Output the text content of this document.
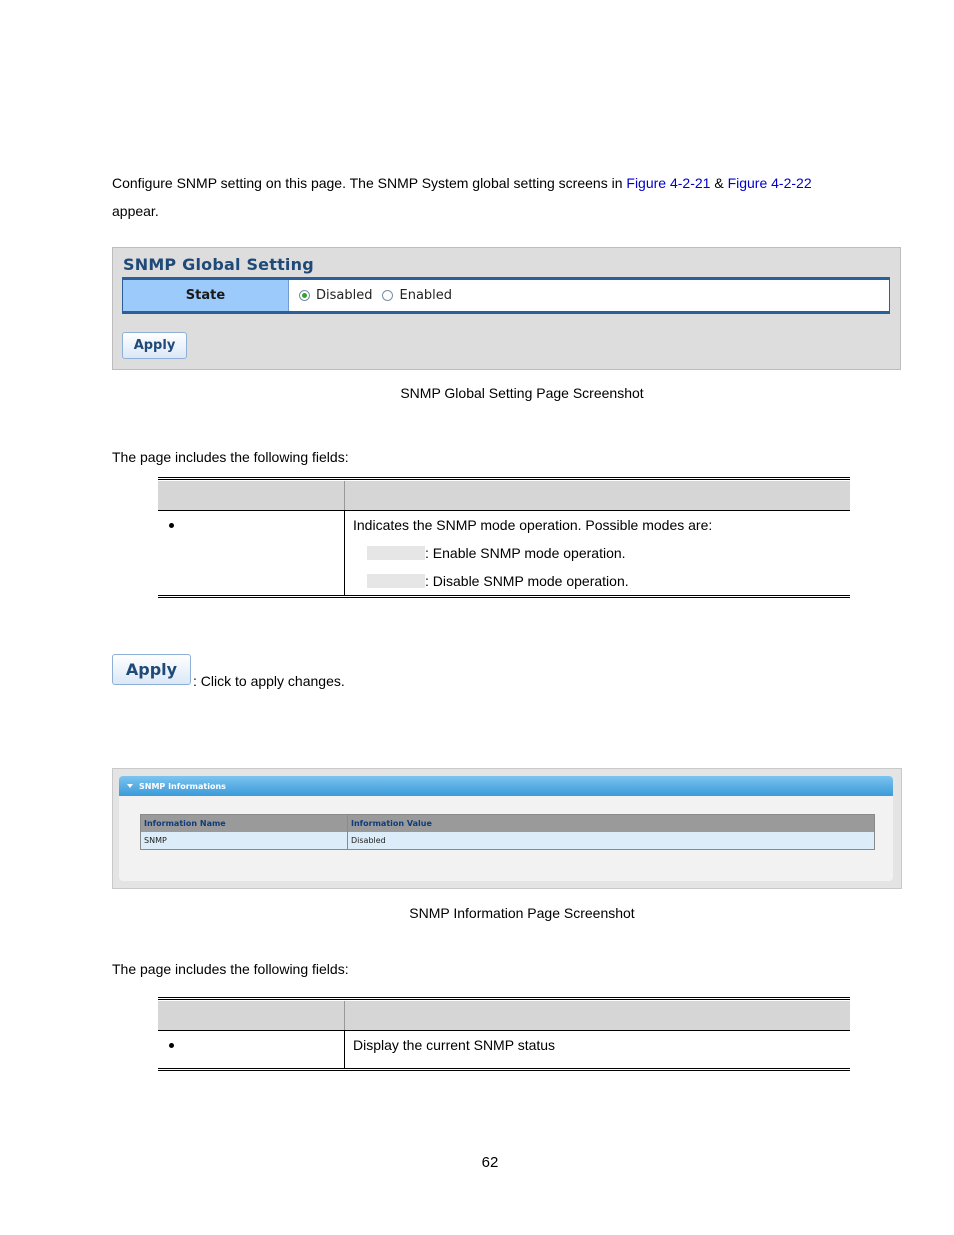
Configure SNMP setting on this page. The SNMP System global setting screens in Figure 4-2-21 & Figure 4-2-22
appear.
SNMP Global Setting
State	Disabled Enabled
Apply
SNMP Global Setting Page Screenshot
The page includes the following fields:
Indicates the SNMP mode operation. Possible modes are:
: Enable SNMP mode operation.
: Disable SNMP mode operation.
Apply
: Click to apply changes.
SNMP Informations
Information Name	Information Value
SNMP	Disabled
SNMP Information Page Screenshot
The page includes the following fields:
Display the current SNMP status
62
